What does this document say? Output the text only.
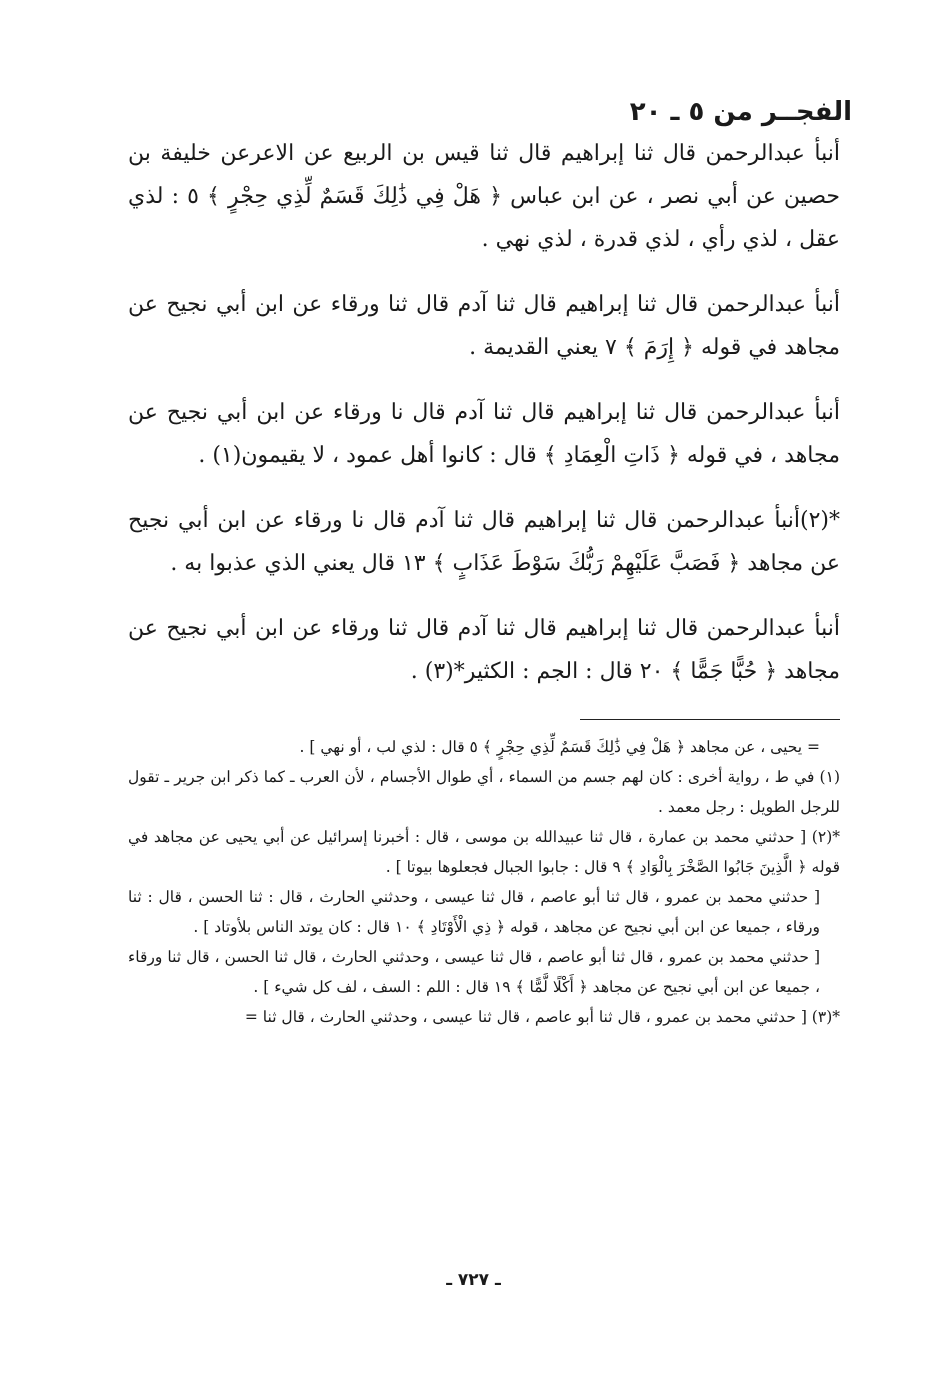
الفجــر من ٥ ـ ٢٠

أنبأ عبدالرحمن قال ثنا إبراهيم قال ثنا قيس بن الربيع عن الاعرعن خليفة بن حصين عن أبي نصر ، عن ابن عباس ﴿ هَلْ فِي ذَٰلِكَ قَسَمٌ لِّذِي حِجْرٍ ﴾ ٥ : لذي عقل ، لذي رأي ، لذي قدرة ، لذي نهي .

أنبأ عبدالرحمن قال ثنا إبراهيم قال ثنا آدم قال ثنا ورقاء عن ابن أبي نجيح عن مجاهد في قوله ﴿ إِرَمَ ﴾ ٧ يعني القديمة .

أنبأ عبدالرحمن قال ثنا إبراهيم قال ثنا آدم قال نا ورقاء عن ابن أبي نجيح عن مجاهد ، في قوله ﴿ ذَاتِ الْعِمَادِ ﴾ قال : كانوا أهل عمود ، لا يقيمون(١) .

*(٢)أنبأ عبدالرحمن قال ثنا إبراهيم قال ثنا آدم قال نا ورقاء عن ابن أبي نجيح عن مجاهد ﴿ فَصَبَّ عَلَيْهِمْ رَبُّكَ سَوْطَ عَذَابٍ ﴾ ١٣ قال يعني الذي عذبوا به .

أنبأ عبدالرحمن قال ثنا إبراهيم قال ثنا آدم قال ثنا ورقاء عن ابن أبي نجيح عن مجاهد ﴿ حُبًّا جَمًّا ﴾ ٢٠ قال : الجم : الكثير*(٣) .

= يحيى ، عن مجاهد ﴿ هَلْ فِي ذَٰلِكَ قَسَمٌ لِّذِي حِجْرٍ ﴾ ٥ قال : لذي لب ، أو نهي ] .

(١) في ط ، رواية أخرى : كان لهم جسم من السماء ، أي طوال الأجسام ، لأن العرب ـ كما ذكر ابن جرير ـ تقول للرجل الطويل : رجل معمد .

*(٢) [ حدثني محمد بن عمارة ، قال ثنا عبيدالله بن موسى ، قال : أخبرنا إسرائيل عن أبي يحيى عن مجاهد في قوله ﴿ الَّذِينَ جَابُوا الصَّخْرَ بِالْوَادِ ﴾ ٩ قال : جابوا الجبال فجعلوها بيوتا ] .

[ حدثني محمد بن عمرو ، قال ثنا أبو عاصم ، قال ثنا عيسى ، وحدثني الحارث ، قال : ثنا الحسن ، قال : ثنا ورقاء ، جميعا عن ابن أبي نجيح عن مجاهد ، قوله ﴿ ذِي الْأَوْتَادِ ﴾ ١٠ قال : كان يوتد الناس بلأوتاد ] .

[ حدثني محمد بن عمرو ، قال ثنا أبو عاصم ، قال ثنا عيسى ، وحدثني الحارث ، قال ثنا الحسن ، قال ثنا ورقاء ، جميعا عن ابن أبي نجيح عن مجاهد ﴿ أَكْلًا لَّمًّا ﴾ ١٩ قال : اللم : السف ، لف كل شيء ] .

*(٣) [ حدثني محمد بن عمرو ، قال ثنا أبو عاصم ، قال ثنا عيسى ، وحدثني الحارث ، قال ثنا =

ـ ٧٢٧ ـ
